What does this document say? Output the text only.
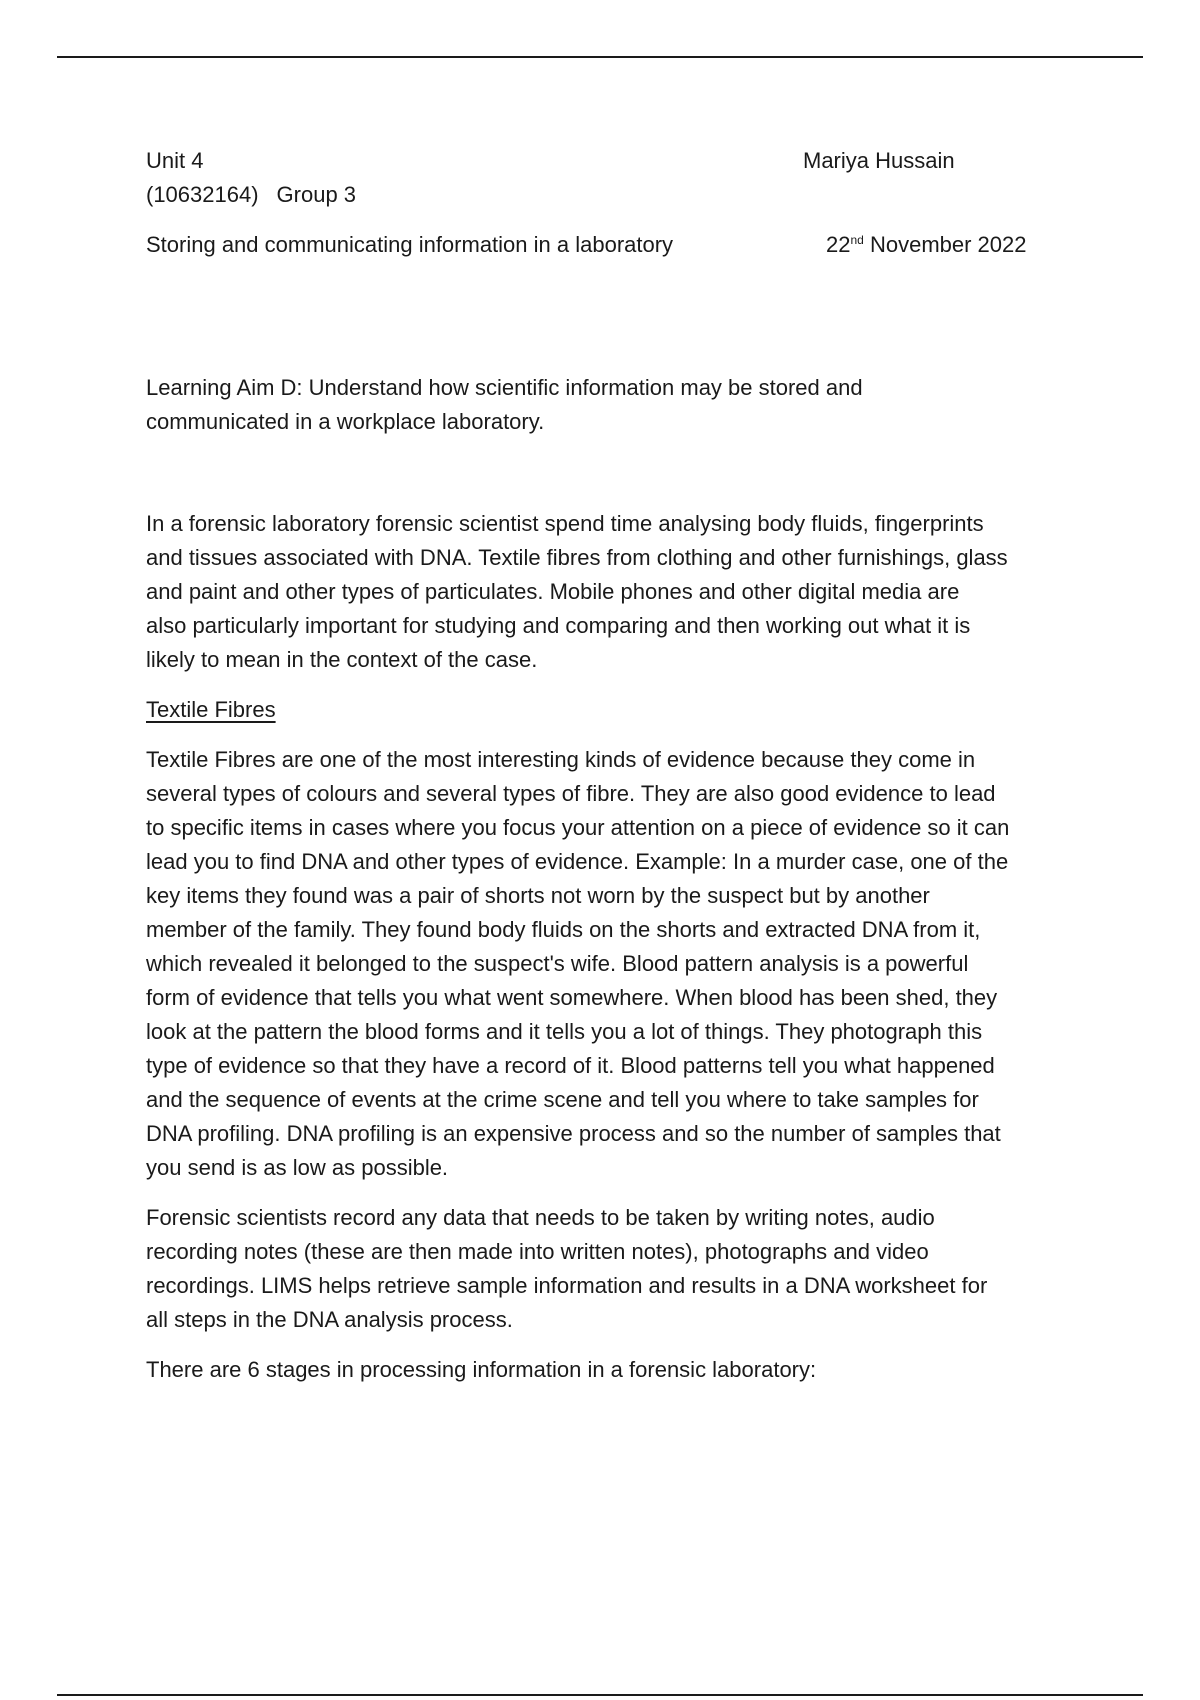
Unit 4	Mariya Hussain
(10632164) Group 3
Storing and communicating information in a laboratory	22nd November 2022
Learning Aim D: Understand how scientific information may be stored and
communicated in a workplace laboratory.
In a forensic laboratory forensic scientist spend time analysing body fluids, fingerprints
and tissues associated with DNA. Textile fibres from clothing and other furnishings, glass
and paint and other types of particulates. Mobile phones and other digital media are
also particularly important for studying and comparing and then working out what it is
likely to mean in the context of the case.
Textile Fibres
Textile Fibres are one of the most interesting kinds of evidence because they come in
several types of colours and several types of fibre. They are also good evidence to lead
to specific items in cases where you focus your attention on a piece of evidence so it can
lead you to find DNA and other types of evidence. Example: In a murder case, one of the
key items they found was a pair of shorts not worn by the suspect but by another
member of the family. They found body fluids on the shorts and extracted DNA from it,
which revealed it belonged to the suspect's wife. Blood pattern analysis is a powerful
form of evidence that tells you what went somewhere. When blood has been shed, they
look at the pattern the blood forms and it tells you a lot of things. They photograph this
type of evidence so that they have a record of it. Blood patterns tell you what happened
and the sequence of events at the crime scene and tell you where to take samples for
DNA profiling. DNA profiling is an expensive process and so the number of samples that
you send is as low as possible.
Forensic scientists record any data that needs to be taken by writing notes, audio
recording notes (these are then made into written notes), photographs and video
recordings. LIMS helps retrieve sample information and results in a DNA worksheet for
all steps in the DNA analysis process.
There are 6 stages in processing information in a forensic laboratory:
